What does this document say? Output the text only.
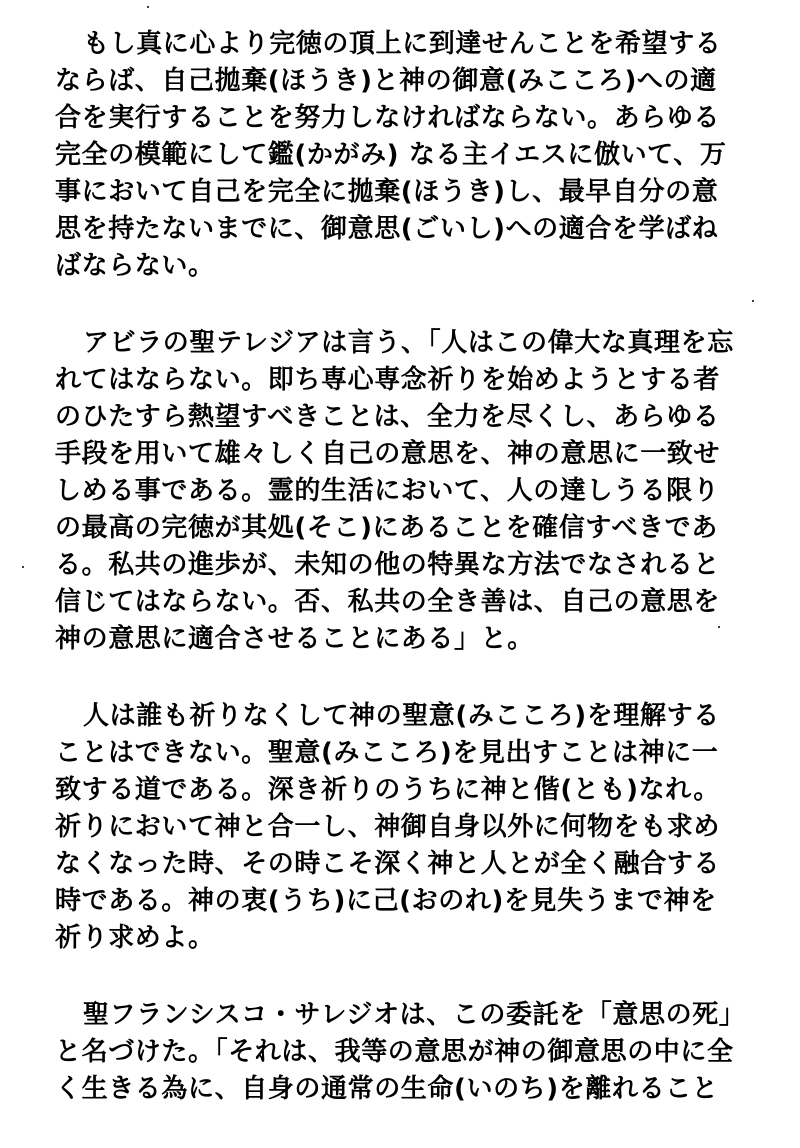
もし真に心より完徳の頂上に到達せんことを希望する
ならば、自己拋棄(ほうき)と神の御意(みこころ)への適
合を実行することを努力しなければならない。あらゆる
完全の模範にして鑑(かがみ) なる主イエスに倣いて、万
事において自己を完全に拋棄(ほうき)し、最早自分の意
思を持たないまでに、御意思(ごいし)への適合を学ばね
ばならない。

アビラの聖テレジアは言う、「人はこの偉大な真理を忘
れてはならない。即ち専心専念祈りを始めようとする者
のひたすら熱望すべきことは、全力を尽くし、あらゆる
手段を用いて雄々しく自己の意思を、神の意思に一致せ
しめる事である。霊的生活において、人の達しうる限り
の最高の完徳が其処(そこ)にあることを確信すべきであ
る。私共の進歩が、未知の他の特異な方法でなされると
信じてはならない。否、私共の全き善は、自己の意思を
神の意思に適合させることにある」と。

人は誰も祈りなくして神の聖意(みこころ)を理解する
ことはできない。聖意(みこころ)を見出すことは神に一
致する道である。深き祈りのうちに神と偕(とも)なれ。
祈りにおいて神と合一し、神御自身以外に何物をも求め
なくなった時、その時こそ深く神と人とが全く融合する
時である。神の衷(うち)に己(おのれ)を見失うまで神を
祈り求めよ。

聖フランシスコ・サレジオは、この委託を「意思の死」
と名づけた。「それは、我等の意思が神の御意思の中に全
く生きる為に、自身の通常の生命(いのち)を離れること
